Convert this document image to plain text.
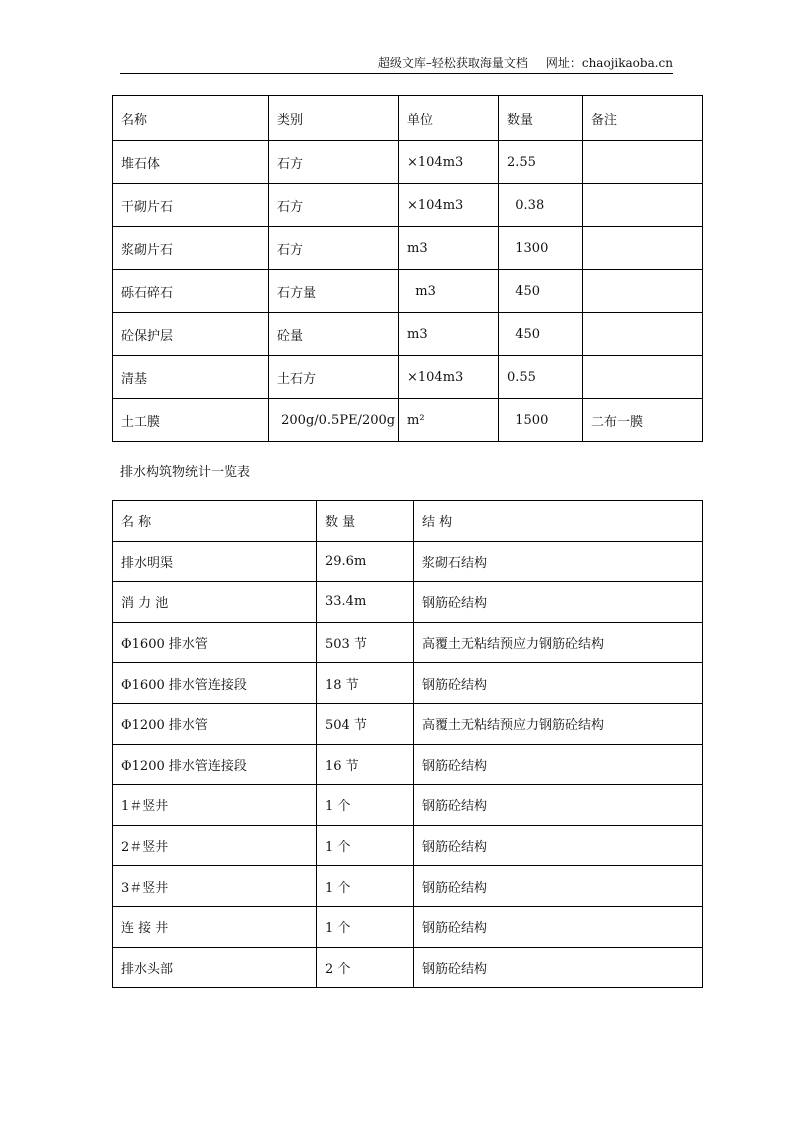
超级文库–轻松获取海量文档 网址：chaojikaoba.cn
名称	类别	单位	数量	备注
堆石体	石方	×104m3	2.55	
干砌片石	石方	×104m3	0.38	
浆砌片石	石方	m3	1300	
砾石碎石	石方量	m3	450	
砼保护层	砼量	m3	450	
清基	土石方	×104m3	0.55	
土工膜	200g/0.5PE/200g	m²	1500	二布一膜
排水构筑物统计一览表
名 称	数 量	结 构
排水明渠	29.6m	浆砌石结构
消 力 池	33.4m	钢筋砼结构
Φ1600 排水管	503 节	高覆土无粘结预应力钢筋砼结构
Φ1600 排水管连接段	18 节	钢筋砼结构
Φ1200 排水管	504 节	高覆土无粘结预应力钢筋砼结构
Φ1200 排水管连接段	16 节	钢筋砼结构
1＃竖井	1 个	钢筋砼结构
2＃竖井	1 个	钢筋砼结构
3＃竖井	1 个	钢筋砼结构
连 接 井	1 个	钢筋砼结构
排水头部	2 个	钢筋砼结构
